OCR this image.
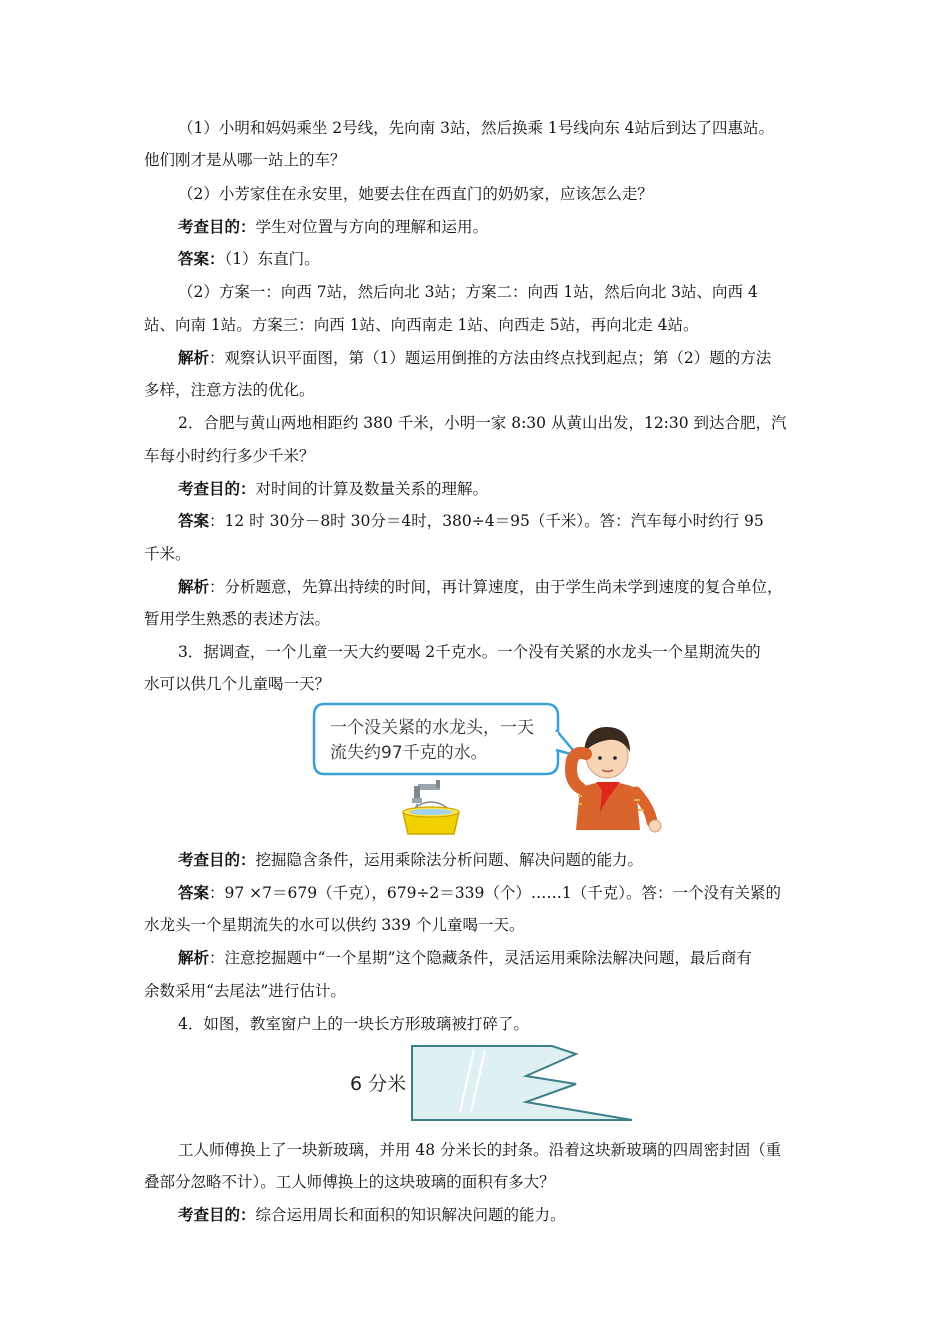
（1）小明和妈妈乘坐 2号线，先向南 3站，然后换乘 1号线向东 4站后到达了四惠站。
他们刚才是从哪一站上的车？
（2）小芳家住在永安里，她要去住在西直门的奶奶家，应该怎么走？
考查目的：学生对位置与方向的理解和运用。
答案：（1）东直门。
（2）方案一：向西 7站，然后向北 3站；方案二：向西 1站，然后向北 3站、向西 4
站、向南 1站。方案三：向西 1站、向西南走 1站、向西走 5站，再向北走 4站。
解析：观察认识平面图，第（1）题运用倒推的方法由终点找到起点；第（2）题的方法
多样，注意方法的优化。
2．合肥与黄山两地相距约 380 千米，小明一家 8:30 从黄山出发，12:30 到达合肥，汽
车每小时约行多少千米？
考查目的：对时间的计算及数量关系的理解。
答案：12 时 30分－8时 30分＝4时，380÷4＝95（千米）。答：汽车每小时约行 95
千米。
解析：分析题意，先算出持续的时间，再计算速度，由于学生尚未学到速度的复合单位，
暂用学生熟悉的表述方法。
3．据调查，一个儿童一天大约要喝 2千克水。一个没有关紧的水龙头一个星期流失的
水可以供几个儿童喝一天？
一个没关紧的水龙头，一天
流失约97千克的水。
考查目的：挖掘隐含条件，运用乘除法分析问题、解决问题的能力。
答案：97 ×7＝679（千克），679÷2＝339（个）……1（千克）。答：一个没有关紧的
水龙头一个星期流失的水可以供约 339 个儿童喝一天。
解析：注意挖掘题中“一个星期”这个隐藏条件，灵活运用乘除法解决问题，最后商有
余数采用“去尾法”进行估计。
4．如图，教室窗户上的一块长方形玻璃被打碎了。
6 分米
工人师傅换上了一块新玻璃，并用 48 分米长的封条。沿着这块新玻璃的四周密封固（重
叠部分忽略不计）。工人师傅换上的这块玻璃的面积有多大？
考查目的：综合运用周长和面积的知识解决问题的能力。
